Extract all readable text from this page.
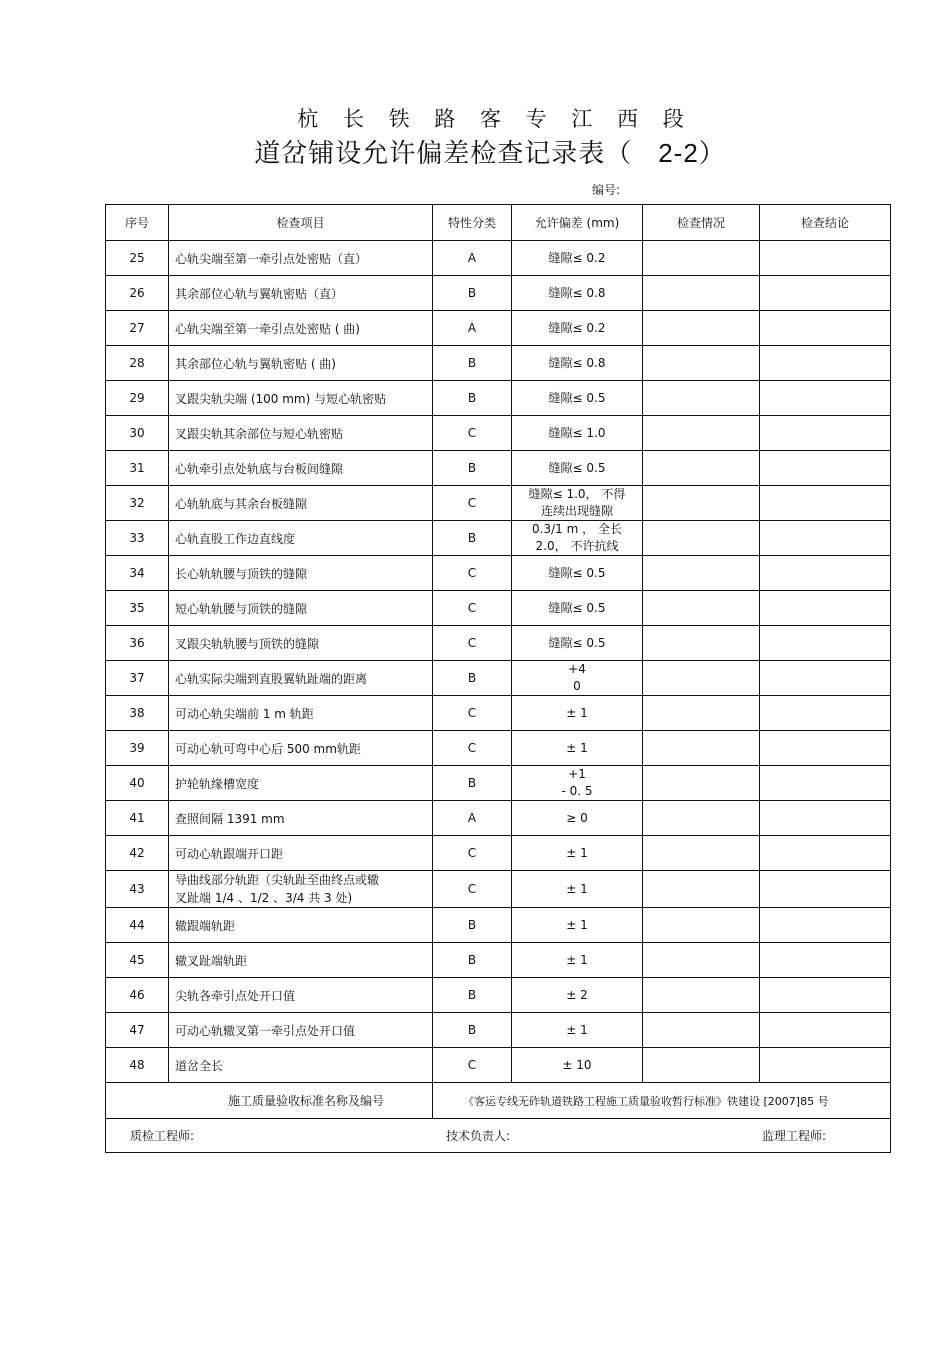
杭 长 铁 路 客 专 江 西 段
道岔铺设允许偏差检查记录表（ 2-2）
编号:
序号	检查项目	特性分类	允许偏差 (mm)	检查情况	检查结论
25	心轨尖端至第一牵引点处密贴（直）	A	缝隙≤ 0.2		
26	其余部位心轨与翼轨密贴（直）	B	缝隙≤ 0.8		
27	心轨尖端至第一牵引点处密贴 ( 曲)	A	缝隙≤ 0.2		
28	其余部位心轨与翼轨密贴 ( 曲)	B	缝隙≤ 0.8		
29	叉跟尖轨尖端 (100 mm) 与短心轨密贴	B	缝隙≤ 0.5		
30	叉跟尖轨其余部位与短心轨密贴	C	缝隙≤ 1.0		
31	心轨牵引点处轨底与台板间缝隙	B	缝隙≤ 0.5		
32	心轨轨底与其余台板缝隙	C	缝隙≤ 1.0， 不得
连续出现缝隙		

33	心轨直股工作边直线度	B	0.3/1 m ， 全长
2.0， 不许抗线		

34	长心轨轨腰与顶铁的缝隙	C	缝隙≤ 0.5		
35	短心轨轨腰与顶铁的缝隙	C	缝隙≤ 0.5		
36	叉跟尖轨轨腰与顶铁的缝隙	C	缝隙≤ 0.5		
37	心轨实际尖端到直股翼轨趾端的距离	B	+4
0		

38	可动心轨尖端前 1 m 轨距	C	± 1		
39	可动心轨可弯中心后 500 mm轨距	C	± 1		
40	护轮轨缘槽宽度	B	+1
- 0. 5		

41	查照间隔 1391 mm	A	≥ 0		
42	可动心轨跟端开口距	C	± 1		
43	导曲线部分轨距（尖轨趾至曲终点或辙
叉趾端 1/4 、1/2 、3/4 共 3 处)	C	± 1		
44	辙跟端轨距	B	± 1		
45	辙叉趾端轨距	B	± 1		
46	尖轨各牵引点处开口值	B	± 2		
47	可动心轨辙叉第一牵引点处开口值	B	± 1		
48	道岔全长	C	± 10		
施工质量验收标准名称及编号		《客运专线无砟轨道铁路工程施工质量验收暂行标准》铁建设 [2007]85 号			

质检工程师: 技术负责人: 监理工程师:					
